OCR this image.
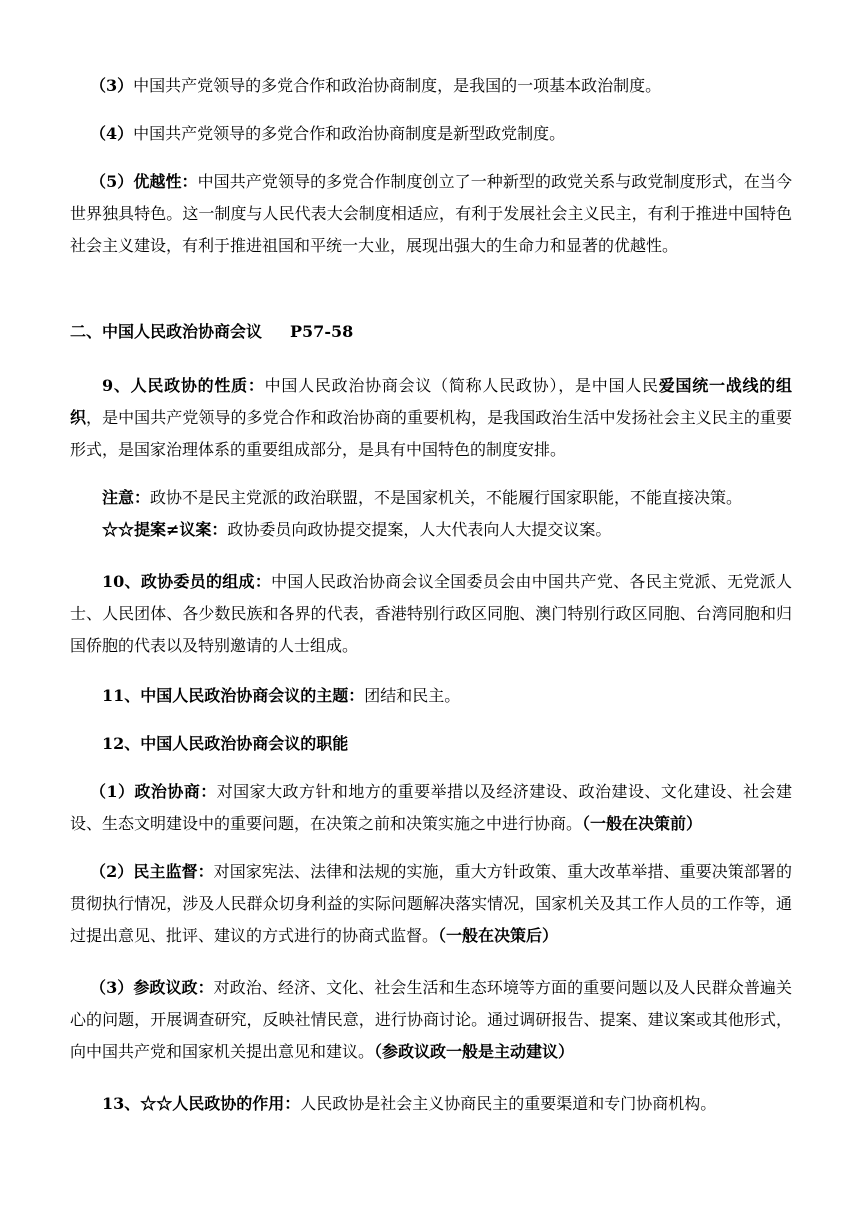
（3）中国共产党领导的多党合作和政治协商制度，是我国的一项基本政治制度。

（4）中国共产党领导的多党合作和政治协商制度是新型政党制度。

（5）优越性：中国共产党领导的多党合作制度创立了一种新型的政党关系与政党制度形式，在当今世界独具特色。这一制度与人民代表大会制度相适应，有利于发展社会主义民主，有利于推进中国特色社会主义建设，有利于推进祖国和平统一大业，展现出强大的生命力和显著的优越性。

二、中国人民政治协商会议 P57-58

9、人民政协的性质：中国人民政治协商会议（简称人民政协），是中国人民爱国统一战线的组织，是中国共产党领导的多党合作和政治协商的重要机构，是我国政治生活中发扬社会主义民主的重要形式，是国家治理体系的重要组成部分，是具有中国特色的制度安排。

注意：政协不是民主党派的政治联盟，不是国家机关，不能履行国家职能，不能直接决策。

☆☆提案≠议案：政协委员向政协提交提案，人大代表向人大提交议案。

10、政协委员的组成：中国人民政治协商会议全国委员会由中国共产党、各民主党派、无党派人士、人民团体、各少数民族和各界的代表，香港特别行政区同胞、澳门特别行政区同胞、台湾同胞和归国侨胞的代表以及特别邀请的人士组成。

11、中国人民政治协商会议的主题：团结和民主。

12、中国人民政治协商会议的职能

（1）政治协商：对国家大政方针和地方的重要举措以及经济建设、政治建设、文化建设、社会建设、生态文明建设中的重要问题，在决策之前和决策实施之中进行协商。（一般在决策前）

（2）民主监督：对国家宪法、法律和法规的实施，重大方针政策、重大改革举措、重要决策部署的贯彻执行情况，涉及人民群众切身利益的实际问题解决落实情况，国家机关及其工作人员的工作等，通过提出意见、批评、建议的方式进行的协商式监督。（一般在决策后）

（3）参政议政：对政治、经济、文化、社会生活和生态环境等方面的重要问题以及人民群众普遍关心的问题，开展调查研究，反映社情民意，进行协商讨论。通过调研报告、提案、建议案或其他形式，向中国共产党和国家机关提出意见和建议。（参政议政一般是主动建议）

13、☆☆人民政协的作用：人民政协是社会主义协商民主的重要渠道和专门协商机构。
